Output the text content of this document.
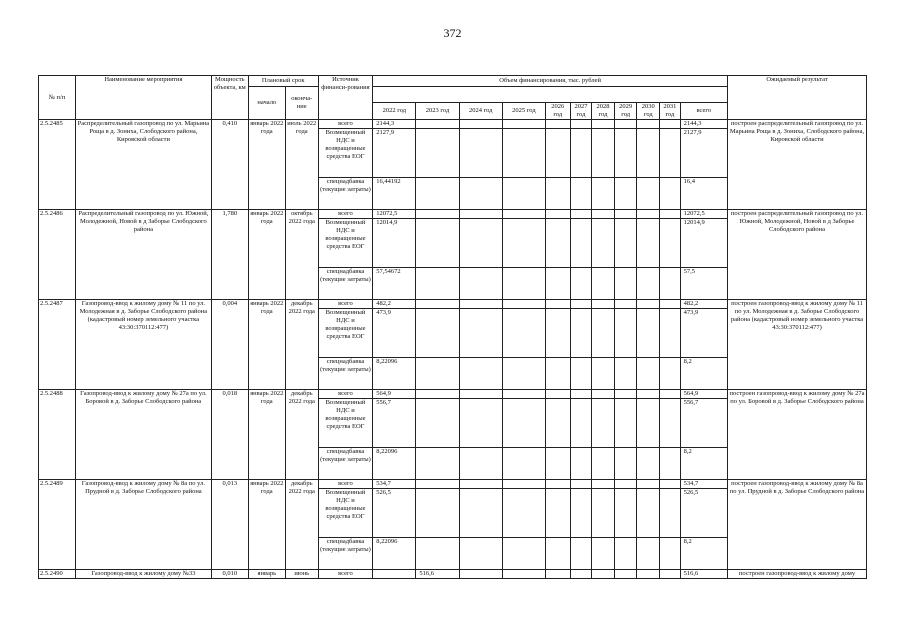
372
№ п/п	Наименование мероприятия	Мощность объекта, км	Плановый срок		Источник финанси-рования	Объем финансирования, тыс. рублей											Ожидаемый результат
			начало	оконча-ние													
						2022 год	2023 год	2024 год	2025 год	2026 год	2027 год	2028 год	2029 год	2030 год	2031 год	всего	
2.5.2485	Распределительный газопровод по ул. Марьина Роща в д. Зониха, Слободского района, Кировской области	0,410	январь 2022 года	июль 2022 года	всего	2144,3										2144,3	построен распределительный газопровод по ул. Марьина Роща в д. Зониха, Слободского района, Кировской области
					Возмещенный НДС и возвращенные средства ЕОГ	2127,9										2127,9	
					спецнадбавка (текущие затраты)	16,44192										16,4	
2.5.2486	Распределительный газопровод по ул. Южной, Молодежной, Новой в д Заборье Слободского района	1,780	январь 2022 года	октябрь 2022 года	всего	12072,5										12072,5	построен распределительный газопровод по ул. Южной, Молодежной, Новой в д Заборье Слободского района
					Возмещенный НДС и возвращенные средства ЕОГ	12014,9										12014,9	
					спецнадбавка (текущие затраты)	57,54672										57,5	
2.5.2487	Газопровод-ввод к жилому дому № 11 по ул. Молодежная в д. Заборье Слободского района (кадастровый номер земельного участка 43:30:370112:477)	0,004	январь 2022 года	декабрь 2022 года	всего	482,2										482,2	построен газопровод-ввод к жилому дому № 11 по ул. Молодежная в д. Заборье Слободского района (кадастровый номер земельного участка 43:30:370112:477)
					Возмещенный НДС и возвращенные средства ЕОГ	473,9										473,9	
					спецнадбавка (текущие затраты)	8,22096										8,2	
2.5.2488	Газопровод-ввод к жилому дому № 27а по ул. Боровой в д. Заборье Слободского района	0,018	январь 2022 года	декабрь 2022 года	всего	564,9										564,9	построен газопровод-ввод к жилому дому № 27а по ул. Боровой в д. Заборье Слободского района
					Возмещенный НДС и возвращенные средства ЕОГ	556,7										556,7	
					спецнадбавка (текущие затраты)	8,22096										8,2	
2.5.2489	Газопровод-ввод к жилому дому № 8а по ул. Прудной в д. Заборье Слободского района	0,013	январь 2022 года	декабрь 2022 года	всего	534,7										534,7	построен газопровод-ввод к жилому дому № 8а по ул. Прудной в д. Заборье Слободского района
					Возмещенный НДС и возвращенные средства ЕОГ	526,5										526,5	
					спецнадбавка (текущие затраты)	8,22096										8,2	
2.5.2490	Газопровод-ввод к жилому дому №33	0,010	январь	июнь	всего		516,6									516,6	построен газопровод-ввод к жилому дому
